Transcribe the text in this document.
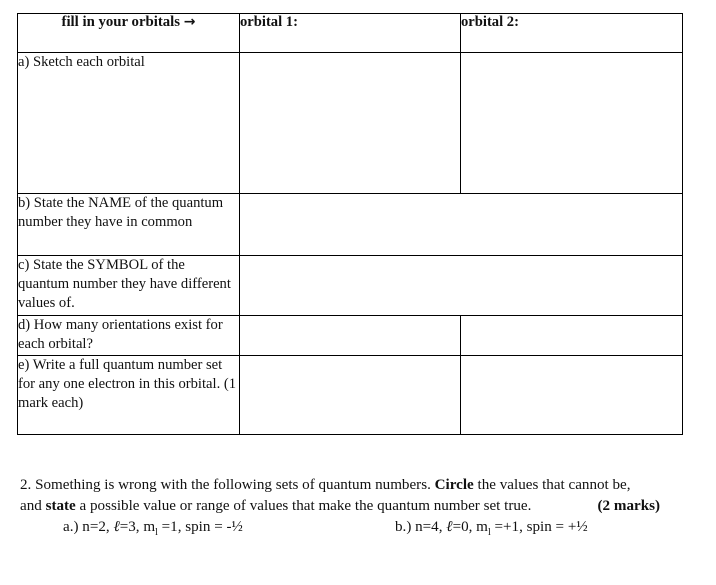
fill in your orbitals →	orbital 1:	orbital 2:
a) Sketch each orbital		
b) State the NAME of the quantum number they have in common		
c) State the SYMBOL of the quantum number they have different values of.		
d) How many orientations exist for each orbital?		
e) Write a full quantum number set for any one electron in this orbital. (1 mark each)		
2. Something is wrong with the following sets of quantum numbers. Circle the values that cannot be,
and state a possible value or range of values that make the quantum number set true.	(2 marks)
a.) n=2, ℓ=3, $m_l =1$, spin = -½	b.) n=4, ℓ=0, $m_l =+1$, spin = +½
